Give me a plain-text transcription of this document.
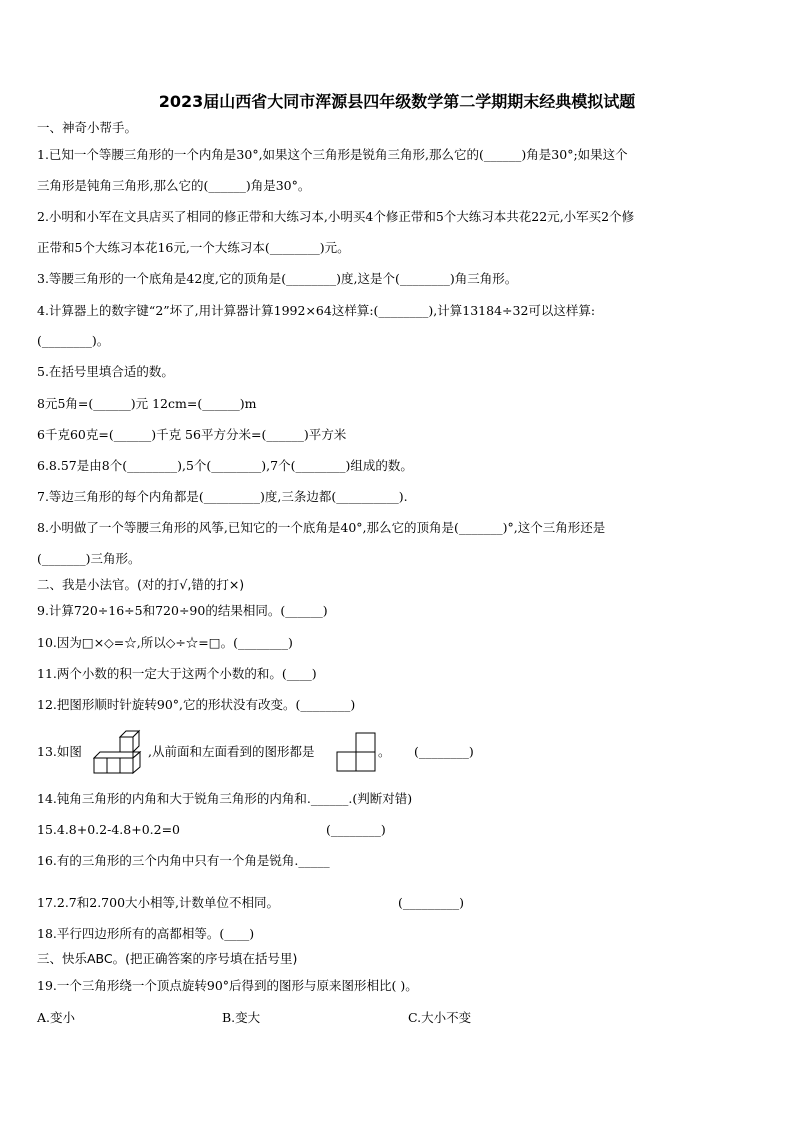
2023届山西省大同市浑源县四年级数学第二学期期末经典模拟试题
一、神奇小帮手。
1.已知一个等腰三角形的一个内角是30°,如果这个三角形是锐角三角形,那么它的(______)角是30°;如果这个
三角形是钝角三角形,那么它的(______)角是30°。
2.小明和小军在文具店买了相同的修正带和大练习本,小明买4个修正带和5个大练习本共花22元,小军买2个修
正带和5个大练习本花16元,一个大练习本(________)元。
3.等腰三角形的一个底角是42度,它的顶角是(________)度,这是个(________)角三角形。
4.计算器上的数字键“2”坏了,用计算器计算1992×64这样算:(________),计算13184÷32可以这样算:
(________)。
5.在括号里填合适的数。
8元5角=(______)元 12cm=(______)m
6千克60克=(______)千克 56平方分米=(______)平方米
6.8.57是由8个(________),5个(________),7个(________)组成的数。
7.等边三角形的每个内角都是(_________)度,三条边都(__________).
8.小明做了一个等腰三角形的风筝,已知它的一个底角是40°,那么它的顶角是(_______)°,这个三角形还是
(_______)三角形。
二、我是小法官。(对的打√,错的打×)
9.计算720÷16÷5和720÷90的结果相同。(______)
10.因为□×◇=☆,所以◇÷☆=□。(________)
11.两个小数的积一定大于这两个小数的和。(____)
12.把图形顺时针旋转90°,它的形状没有改变。(________)
13.如图	,从前面和左面看到的图形都是	。 (________)
14.钝角三角形的内角和大于锐角三角形的内角和.______.(判断对错)
15.4.8+0.2-4.8+0.2=0	(________)
16.有的三角形的三个内角中只有一个角是锐角._____
17.2.7和2.700大小相等,计数单位不相同。	(_________)
18.平行四边形所有的高都相等。(____)
三、快乐ABC。(把正确答案的序号填在括号里)
19.一个三角形绕一个顶点旋转90°后得到的图形与原来图形相比( )。
A.变小	B.变大	C.大小不变
